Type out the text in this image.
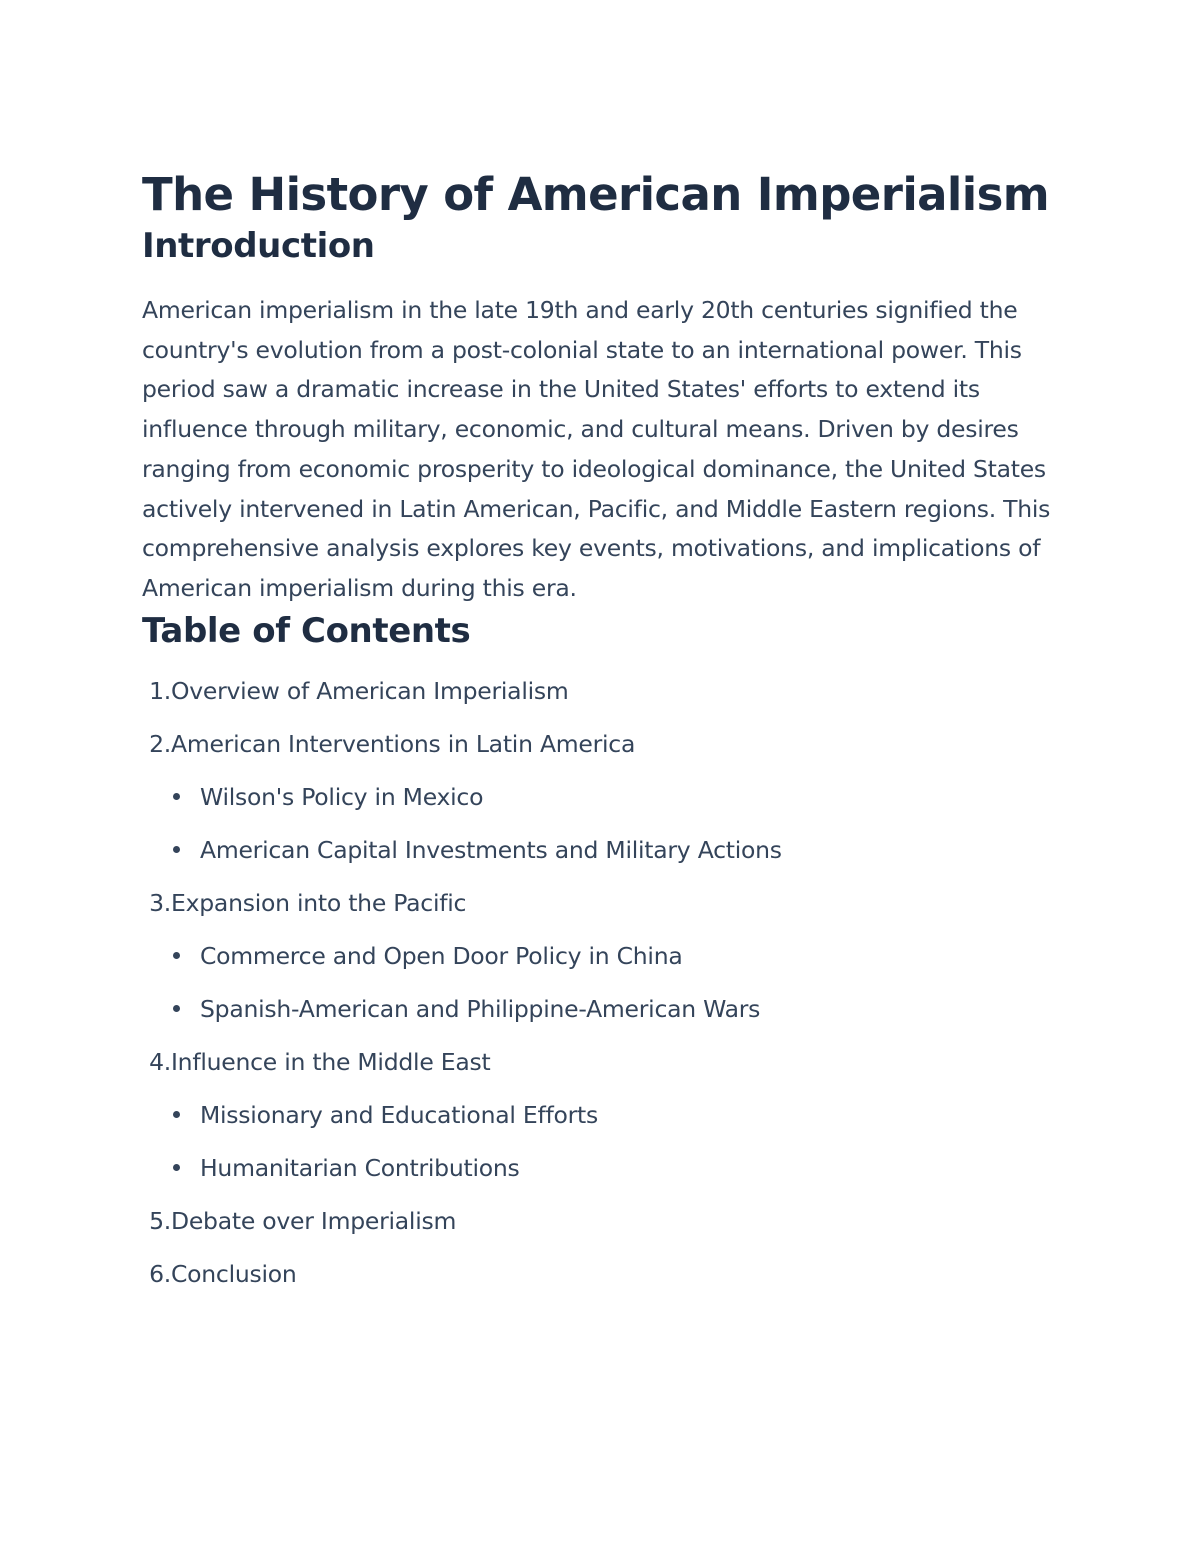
The History of American Imperialism
Introduction

American imperialism in the late 19th and early 20th centuries signified the country's evolution from a post-colonial state to an international power. This period saw a dramatic increase in the United States' efforts to extend its influence through military, economic, and cultural means. Driven by desires ranging from economic prosperity to ideological dominance, the United States actively intervened in Latin American, Pacific, and Middle Eastern regions. This comprehensive analysis explores key events, motivations, and implications of American imperialism during this era.

Table of Contents
1. Overview of American Imperialism
2. American Interventions in Latin America
Wilson's Policy in Mexico
American Capital Investments and Military Actions
3. Expansion into the Pacific
Commerce and Open Door Policy in China
Spanish-American and Philippine-American Wars
4. Influence in the Middle East
Missionary and Educational Efforts
Humanitarian Contributions
5. Debate over Imperialism
6. Conclusion
